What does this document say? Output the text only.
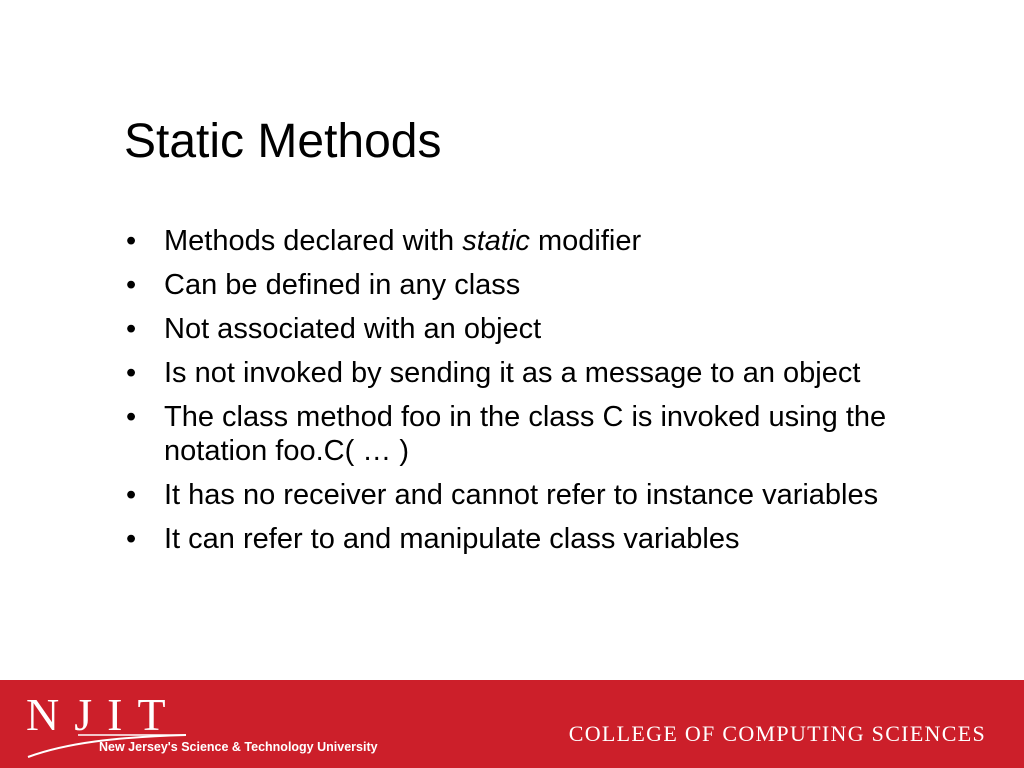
Static Methods
• Methods declared with static modifier
• Can be defined in any class
• Not associated with an object
• Is not invoked by sending it as a message to an object
• The class method foo in the class C is invoked using the notation foo.C( … )
• It has no receiver and cannot refer to instance variables
• It can refer to and manipulate class variables
NJIT
New Jersey's Science & Technology University
COLLEGE OF COMPUTING SCIENCES
